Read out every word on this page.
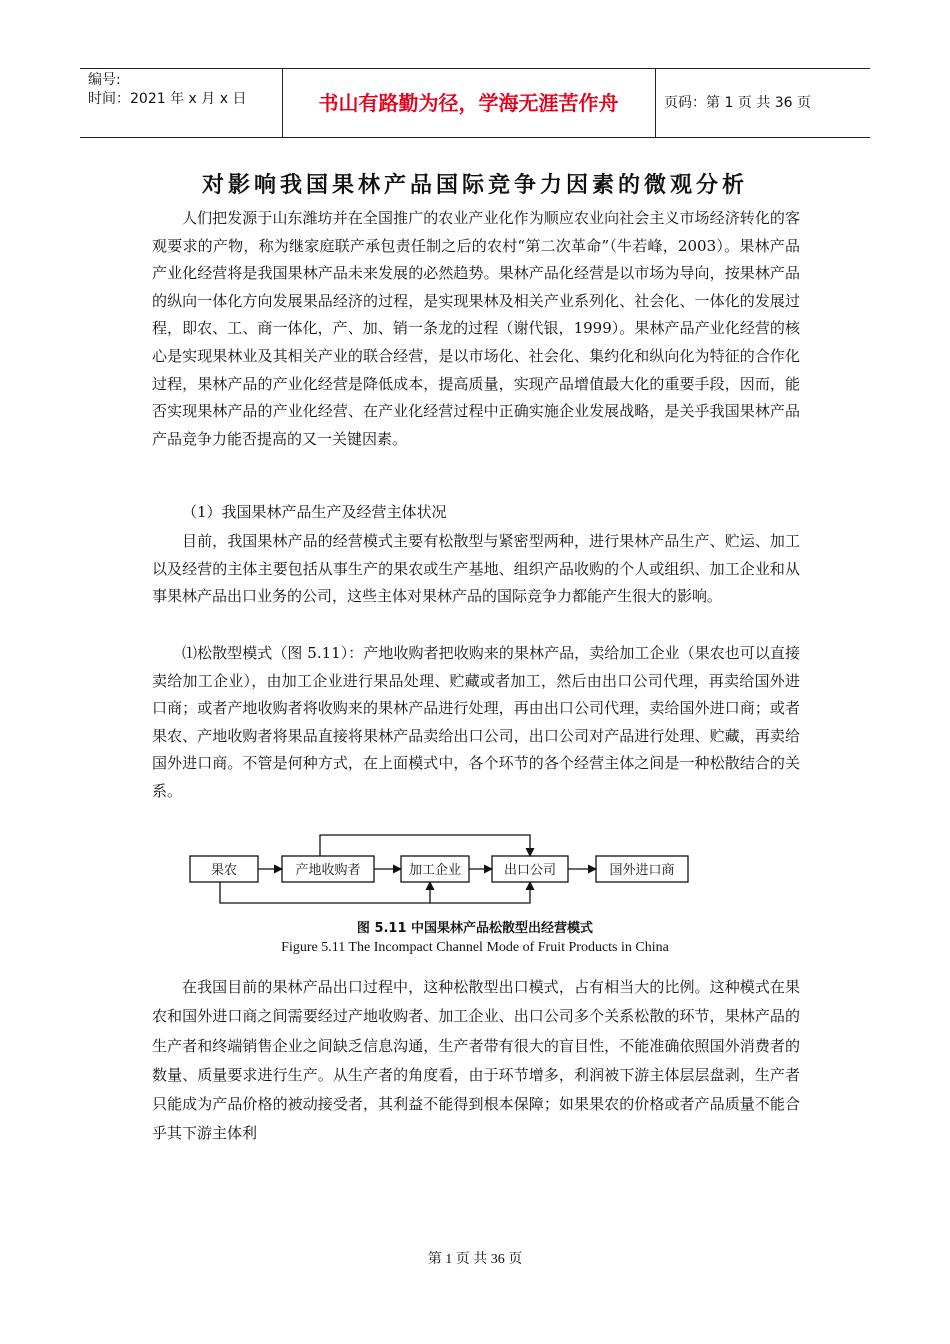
编号:
时间：2021 年 x 月 x 日	书山有路勤为径，学海无涯苦作舟	页码：第 1 页 共 36 页
对影响我国果林产品国际竞争力因素的微观分析

人们把发源于山东潍坊并在全国推广的农业产业化作为顺应农业向社会主义市场经济转化的客观要求的产物，称为继家庭联产承包责任制之后的农村“第二次革命”（牛若峰，2003）。果林产品产业化经营将是我国果林产品未来发展的必然趋势。果林产品化经营是以市场为导向，按果林产品的纵向一体化方向发展果品经济的过程，是实现果林及相关产业系列化、社会化、一体化的发展过程，即农、工、商一体化，产、加、销一条龙的过程（谢代银，1999）。果林产品产业化经营的核心是实现果林业及其相关产业的联合经营，是以市场化、社会化、集约化和纵向化为特征的合作化过程，果林产品的产业化经营是降低成本，提高质量，实现产品增值最大化的重要手段，因而，能否实现果林产品的产业化经营、在产业化经营过程中正确实施企业发展战略，是关乎我国果林产品产品竞争力能否提高的又一关键因素。

（1）我国果林产品生产及经营主体状况

目前，我国果林产品的经营模式主要有松散型与紧密型两种，进行果林产品生产、贮运、加工以及经营的主体主要包括从事生产的果农或生产基地、组织产品收购的个人或组织、加工企业和从事果林产品出口业务的公司，这些主体对果林产品的国际竞争力都能产生很大的影响。

⑴松散型模式（图 5.11）：产地收购者把收购来的果林产品，卖给加工企业（果农也可以直接卖给加工企业），由加工企业进行果品处理、贮藏或者加工，然后由出口公司代理，再卖给国外进口商；或者产地收购者将收购来的果林产品进行处理，再由出口公司代理，卖给国外进口商；或者果农、产地收购者将果品直接将果林产品卖给出口公司，出口公司对产品进行处理、贮藏，再卖给国外进口商。不管是何种方式，在上面模式中，各个环节的各个经营主体之间是一种松散结合的关系。

果农	产地收购者	加工企业	出口公司	国外进口商
图 5.11 中国果林产品松散型出经营模式
Figure 5.11 The Incompact Channel Mode of Fruit Products in China

在我国目前的果林产品出口过程中，这种松散型出口模式，占有相当大的比例。这种模式在果农和国外进口商之间需要经过产地收购者、加工企业、出口公司多个关系松散的环节，果林产品的生产者和终端销售企业之间缺乏信息沟通，生产者带有很大的盲目性，不能准确依照国外消费者的数量、质量要求进行生产。从生产者的角度看，由于环节增多，利润被下游主体层层盘剥，生产者只能成为产品价格的被动接受者，其利益不能得到根本保障；如果果农的价格或者产品质量不能合乎其下游主体利

第 1 页 共 36 页
